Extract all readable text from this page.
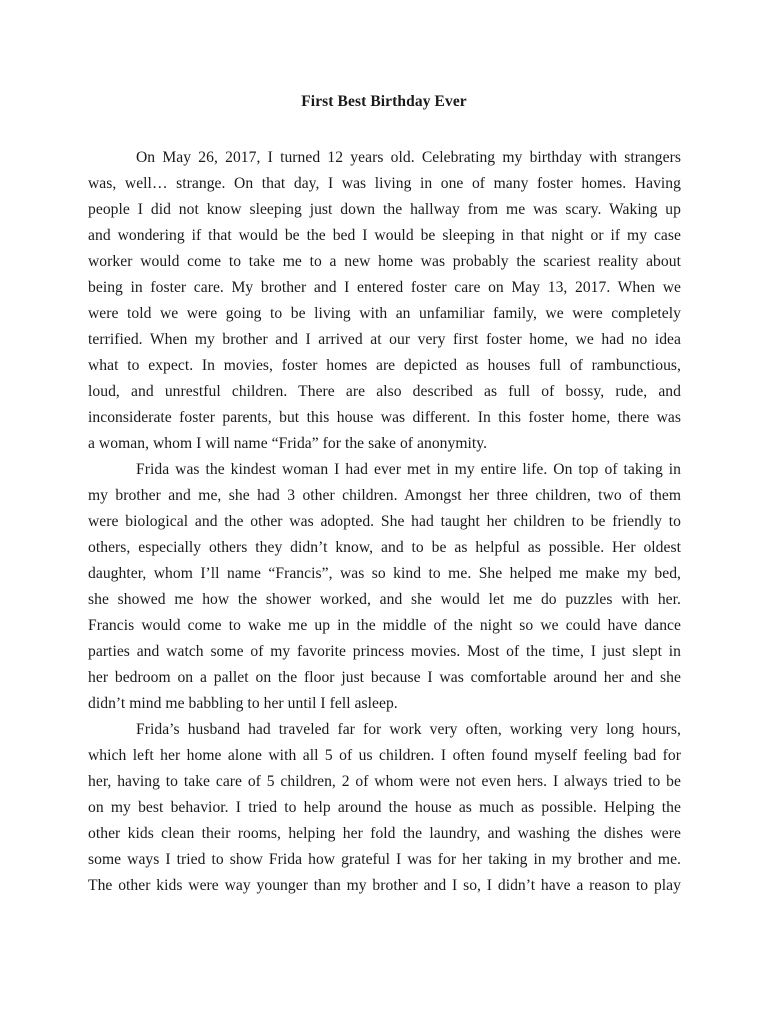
First Best Birthday Ever
On May 26, 2017, I turned 12 years old. Celebrating my birthday with strangers
was, well… strange. On that day, I was living in one of many foster homes. Having
people I did not know sleeping just down the hallway from me was scary. Waking up
and wondering if that would be the bed I would be sleeping in that night or if my case
worker would come to take me to a new home was probably the scariest reality about
being in foster care. My brother and I entered foster care on May 13, 2017. When we
were told we were going to be living with an unfamiliar family, we were completely
terrified. When my brother and I arrived at our very first foster home, we had no idea
what to expect. In movies, foster homes are depicted as houses full of rambunctious,
loud, and unrestful children. There are also described as full of bossy, rude, and
inconsiderate foster parents, but this house was different. In this foster home, there was
a woman, whom I will name “Frida” for the sake of anonymity.
Frida was the kindest woman I had ever met in my entire life. On top of taking in
my brother and me, she had 3 other children. Amongst her three children, two of them
were biological and the other was adopted. She had taught her children to be friendly to
others, especially others they didn’t know, and to be as helpful as possible. Her oldest
daughter, whom I’ll name “Francis”, was so kind to me. She helped me make my bed,
she showed me how the shower worked, and she would let me do puzzles with her.
Francis would come to wake me up in the middle of the night so we could have dance
parties and watch some of my favorite princess movies. Most of the time, I just slept in
her bedroom on a pallet on the floor just because I was comfortable around her and she
didn’t mind me babbling to her until I fell asleep.
Frida’s husband had traveled far for work very often, working very long hours,
which left her home alone with all 5 of us children. I often found myself feeling bad for
her, having to take care of 5 children, 2 of whom were not even hers. I always tried to be
on my best behavior. I tried to help around the house as much as possible. Helping the
other kids clean their rooms, helping her fold the laundry, and washing the dishes were
some ways I tried to show Frida how grateful I was for her taking in my brother and me.
The other kids were way younger than my brother and I so, I didn’t have a reason to play
